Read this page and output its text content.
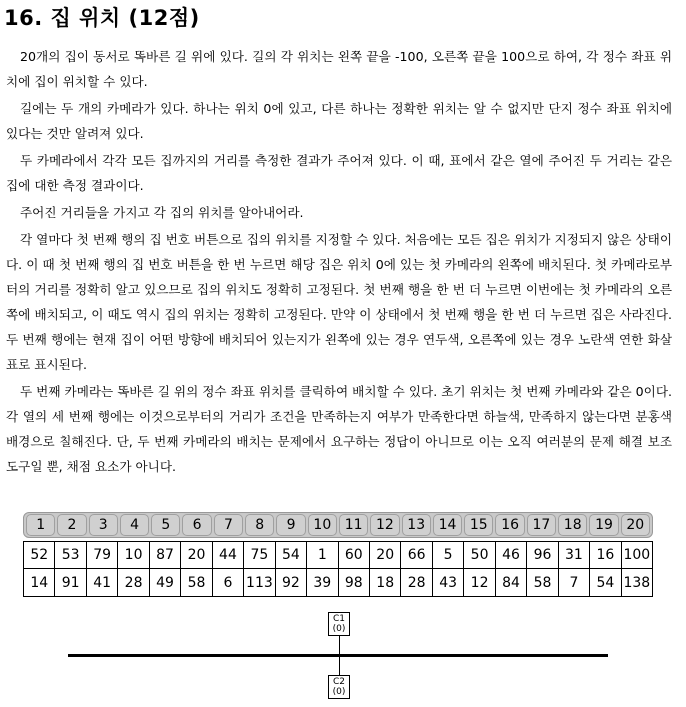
16. 집 위치 (12점)

20개의 집이 동서로 똑바른 길 위에 있다. 길의 각 위치는 왼쪽 끝을 -100, 오른쪽 끝을 100으로 하여, 각 정수 좌표 위치에 집이 위치할 수 있다.

길에는 두 개의 카메라가 있다. 하나는 위치 0에 있고, 다른 하나는 정확한 위치는 알 수 없지만 단지 정수 좌표 위치에 있다는 것만 알려져 있다.

두 카메라에서 각각 모든 집까지의 거리를 측정한 결과가 주어져 있다. 이 때, 표에서 같은 열에 주어진 두 거리는 같은 집에 대한 측정 결과이다.

주어진 거리들을 가지고 각 집의 위치를 알아내어라.

각 열마다 첫 번째 행의 집 번호 버튼으로 집의 위치를 지정할 수 있다. 처음에는 모든 집은 위치가 지정되지 않은 상태이다. 이 때 첫 번째 행의 집 번호 버튼을 한 번 누르면 해당 집은 위치 0에 있는 첫 카메라의 왼쪽에 배치된다. 첫 카메라로부터의 거리를 정확히 알고 있으므로 집의 위치도 정확히 고정된다. 첫 번째 행을 한 번 더 누르면 이번에는 첫 카메라의 오른쪽에 배치되고, 이 때도 역시 집의 위치는 정확히 고정된다. 만약 이 상태에서 첫 번째 행을 한 번 더 누르면 집은 사라진다. 두 번째 행에는 현재 집이 어떤 방향에 배치되어 있는지가 왼쪽에 있는 경우 연두색, 오른쪽에 있는 경우 노란색 연한 화살표로 표시된다.

두 번째 카메라는 똑바른 길 위의 정수 좌표 위치를 클릭하여 배치할 수 있다. 초기 위치는 첫 번째 카메라와 같은 0이다. 각 열의 세 번째 행에는 이것으로부터의 거리가 조건을 만족하는지 여부가 만족한다면 하늘색, 만족하지 않는다면 분홍색 배경으로 칠해진다. 단, 두 번째 카메라의 배치는 문제에서 요구하는 정답이 아니므로 이는 오직 여러분의 문제 해결 보조 도구일 뿐, 채점 요소가 아니다.

1	2	3	4	5	6	7	8	9	10 11 12 13 14 15 16 17 18 19 20
52 53 79 10 87 20 44 75 54	1	60 20 66	5	50 46 96 31 16 100
14 91 41 28 49 58	6 113 92 39 98 18 28 43 12 84 58	7	54 138
C1
(0)
C2
(0)
